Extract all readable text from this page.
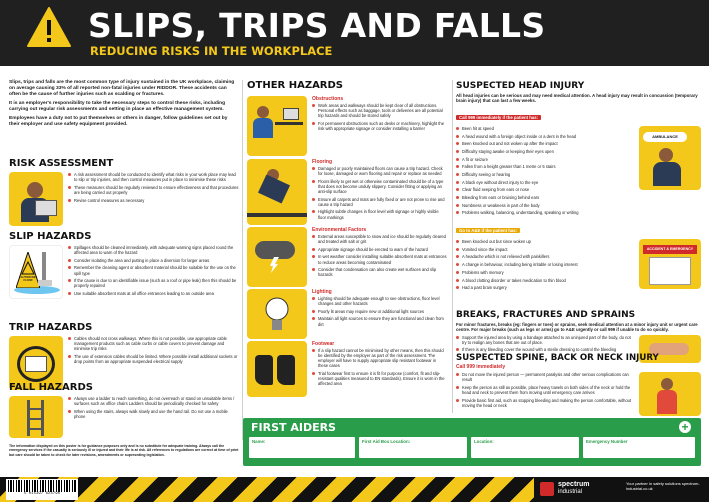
SLIPS, TRIPS AND FALLS
REDUCING RISKS IN THE WORKPLACE

Slips, trips and falls are the most common type of injury sustained in the UK workplace, claiming on average causing 33% of all reported non-fatal injuries under RIDDOR. These accidents can often be the cause of further injuries such as scalding or fractures.

It is an employer's responsibility to take the necessary steps to control these risks, including carrying out regular risk assessments and setting in place an effective management system.

Employees have a duty not to put themselves or others in danger, follow guidelines set out by their employer and use safety equipment provided.

RISK ASSESSMENT
A risk assessment should be conducted to identify what risks in your work place may lead to slip or trip injuries, and then control measures put in place to minimise these risks
These measures should be regularly reviewed to ensure effectiveness and that procedures are being carried out properly
Revise control measures as necessary
SLIP HAZARDS
CAUTION WET FLOOR
Spillages should be cleaned immediately, with adequate warning signs placed round the affected area to warn of the hazard
Consider isolating the area and putting in place a diversion for larger areas
Remember the cleaning agent or absorbent material should be suitable for the use on the spill type
If the cause is due to an identifiable issue (such as a roof or pipe leak) then this should be properly repaired
Use suitable absorbent mats at all office entrances leading to an outside area
TRIP HAZARDS
Cables should not cross walkways. Where this is not possible, use appropriate cable management products such as cable curbs or cable covers to prevent damage and minimise trip risks
The use of extension cables should be limited. Where possible install additional sockets or drop points from an appropriate suspended electrical supply
FALL HAZARDS
Always use a ladder to reach something, do not overreach or stand on unsuitable items / surfaces such as office chairs Ladders should be periodically checked for safety
When using the stairs, always walk slowly and use the hand rail. Do not use a mobile phone
The information displayed on this poster is for guidance purposes only and is no substitute for adequate training. Always call the emergency services if the casualty is seriously ill or injured and their life is at risk. All references to regulations are correct at time of print but care should be taken to check for later revisions, amendments or superseding legislation.
OTHER HAZARDS
Obstructions
Work areas and walkways should be kept clear of all obstructions. Personal effects such as baggage, tools or deliveries are all potential trip hazards and should be stored safely
For permanent obstructions such as desks or machinery, highlight the risk with appropriate signage or consider installing a barrier
Flooring
Damaged or poorly maintained floors can cause a trip hazard. Check for loose, damaged or worn flooring and repair or replace as needed
Floors likely to get wet or otherwise contaminated should be of a type that does not become unduly slippery. Consider fitting or applying an anti-slip surface
Ensure all carpets and mats are fully fixed or are not prone to rise and cause a trip hazard
Highlight subtle changes in floor level with signage or highly visible floor markings
Environmental Factors
External areas susceptible to snow and ice should be regularly cleared and treated with salt or grit
Appropriate signage should be erected to warn of the hazard
In wet weather consider installing suitable absorbent mats at entrances to reduce areas becoming contaminated
Consider that condensation can also create wet surfaces and slip hazards
Lighting
Lighting should be adequate enough to see obstructions, floor level changes and other hazards
Poorly lit areas may require new or additional light sources
Maintain all light sources to ensure they are functional and clean from dirt
Footwear
If a slip hazard cannot be minimised by other means, then this should be identified by the employer as part of the risk assessment. The employer will have to supply appropriate slip resistant footwear in these cases
Trial footwear first to ensure it is fit for purpose (comfort, fit and slip-resistant qualities measured to EN standards). Ensure it is worn in the affected area
SUSPECTED HEAD INJURY
All head injuries can be serious and may need medical attention. A head injury may result in concussion (temporary brain injury) that can last a few weeks.
Call 999 immediately if the patient has:
Been hit at speed
A head wound with a foreign object inside or a dent in the head
Been knocked out and not woken up after the impact
Difficulty staying awake or keeping their eyes open
A fit or seizure
Fallen from a height greater than 1 metre or 5 stairs
Difficulty seeing or hearing
A black eye without direct injury to the eye
Clear fluid seeping from ears or nose
Bleeding from ears or bruising behind ears
Numbness or weakness in part of the body
Problems walking, balancing, understanding, speaking or writing
AMBULANCE
Go to A&E if the patient has:
Been knocked out but since woken up
Vomited since the impact
A headache which is not relieved with painkillers
A change in behaviour, including being irritable or losing interest
Problems with memory
A blood clotting disorder or takes medication to thin blood
Had a past brain surgery
ACCIDENT & EMERGENCY
BREAKS, FRACTURES AND SPRAINS
For minor fractures, breaks (eg: fingers or toes) or sprains, seek medical attention at a minor injury unit or urgent care centre. For major breaks (such as legs or arms) go to A&E urgently or call 999 if unable to do so quickly.
Support the injured area by using a bandage attached to an uninjured part of the body, do not try to realign any bones that are out of place.
If there is any bleeding cover the wound with a sterile dressing to control the bleeding
SUSPECTED SPINE, BACK OR NECK INJURY
Call 999 immediately
Do not move the injured person — permanent paralysis and other serious complications can result
Keep the person as still as possible, place heavy towels on both sides of the neck or hold the head and neck to prevent them from moving until emergency care arrives
Provide basic first aid, such as stopping bleeding and making the person comfortable, without moving the head or neck
FIRST AIDERS	+
Name:	First Aid Box Location:	Location:	Emergency Number
5 015397 624790
spectrum
industrial
Your partner in safety solutions spectrum-industrial.co.uk
